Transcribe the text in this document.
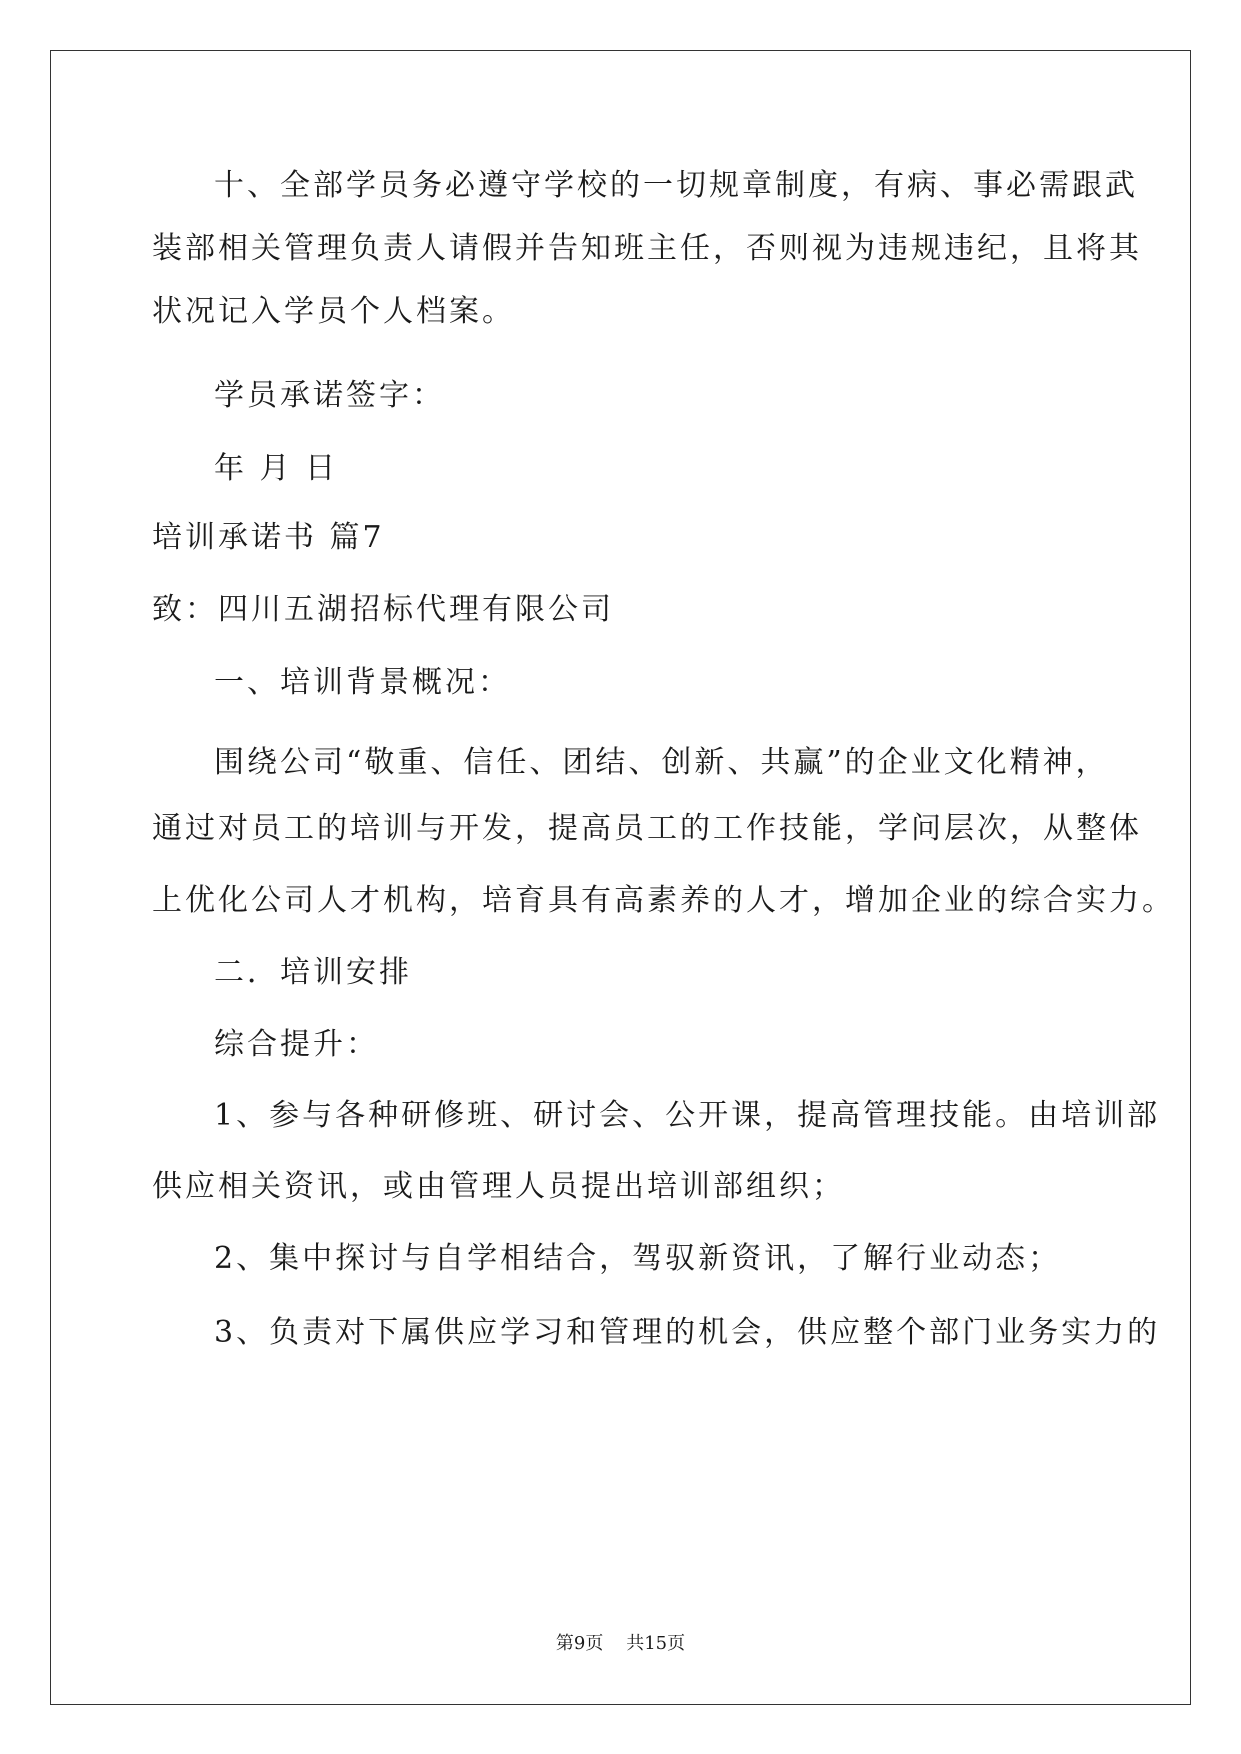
十、全部学员务必遵守学校的一切规章制度，有病、事必需跟武
装部相关管理负责人请假并告知班主任，否则视为违规违纪，且将其
状况记入学员个人档案。
学员承诺签字：
年 月 日
培训承诺书 篇7
致：四川五湖招标代理有限公司
一、培训背景概况：
围绕公司“敬重、信任、团结、创新、共赢”的企业文化精神，
通过对员工的培训与开发，提高员工的工作技能，学问层次，从整体
上优化公司人才机构，培育具有高素养的人才，增加企业的综合实力。
二．培训安排
综合提升：
1、参与各种研修班、研讨会、公开课，提高管理技能。由培训部
供应相关资讯，或由管理人员提出培训部组织；
2、集中探讨与自学相结合，驾驭新资讯，了解行业动态；
3、负责对下属供应学习和管理的机会，供应整个部门业务实力的
第9页 共15页
